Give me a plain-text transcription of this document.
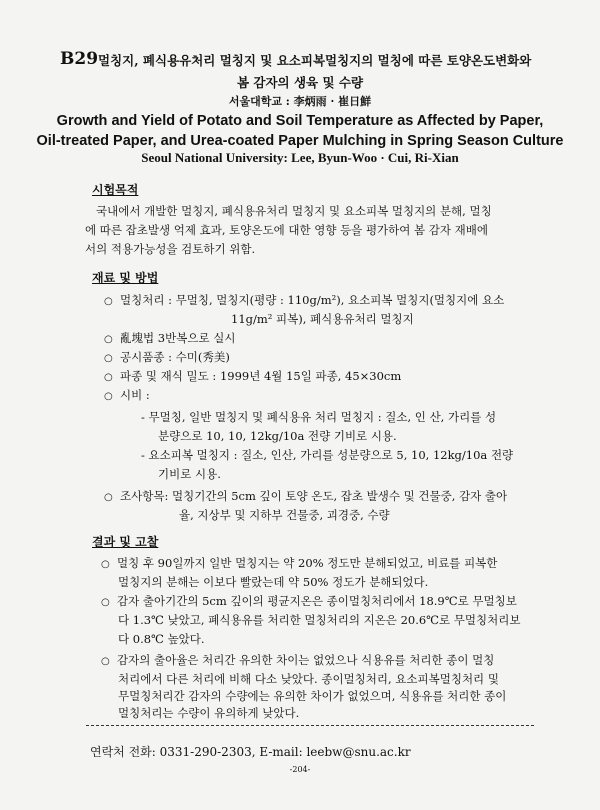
B29 멀칭지, 폐식용유처리 멀칭지 및 요소피복멀칭지의 멀칭에 따른 토양온도변화와
봄 감자의 생육 및 수량
서울대학교 : 李炳雨 · 崔日鮮
Growth and Yield of Potato and Soil Temperature as Affected by Paper,
Oil-treated Paper, and Urea-coated Paper Mulching in Spring Season Culture
Seoul National University: Lee, Byun-Woo · Cui, Ri-Xian
시험목적
국내에서 개발한 멀칭지, 폐식용유처리 멀칭지 및 요소피복 멀칭지의 분해, 멀칭
에 따른 잡초발생 억제 효과, 토양온도에 대한 영향 등을 평가하여 봄 감자 재배에
서의 적용가능성을 검토하기 위함.
재료 및 방법
○ 멀칭처리 : 무멀칭, 멀칭지(평량 : 110g/m²), 요소피복 멀칭지(멀칭지에 요소
11g/m² 피복), 폐식용유처리 멀칭지
○ 亂塊법 3반복으로 실시
○ 공시품종 : 수미(秀美)
○ 파종 및 재식 밀도 : 1999년 4월 15일 파종, 45×30cm
○ 시비 :
- 무멀칭, 일반 멀칭지 및 폐식용유 처리 멀칭지 : 질소, 인 산, 가리를 성
분량으로 10, 10, 12kg/10a 전량 기비로 시용.
- 요소피복 멀칭지 : 질소, 인산, 가리를 성분량으로 5, 10, 12kg/10a 전량
기비로 시용.
○ 조사항목: 멀칭기간의 5cm 깊이 토양 온도, 잡초 발생수 및 건물중, 감자 출아
율, 지상부 및 지하부 건물중, 괴경중, 수량
결과 및 고찰
○ 멀칭 후 90일까지 일반 멀칭지는 약 20% 정도만 분해되었고, 비료를 피복한
멀칭지의 분해는 이보다 빨랐는데 약 50% 정도가 분해되었다.
○ 감자 출아기간의 5cm 깊이의 평균지온은 종이멀칭처리에서 18.9℃로 무멀칭보
다 1.3℃ 낮았고, 폐식용유를 처리한 멀칭처리의 지온은 20.6℃로 무멀칭처리보
다 0.8℃ 높았다.
○ 감자의 출아율은 처리간 유의한 차이는 없었으나 식용유를 처리한 종이 멀칭
처리에서 다른 처리에 비해 다소 낮았다. 종이멀칭처리, 요소피복멀칭처리 및
무멀칭처리간 감자의 수량에는 유의한 차이가 없었으며, 식용유를 처리한 종이
멀칭처리는 수량이 유의하게 낮았다.
연락처 전화: 0331-290-2303, E-mail: leebw@snu.ac.kr
-204-
